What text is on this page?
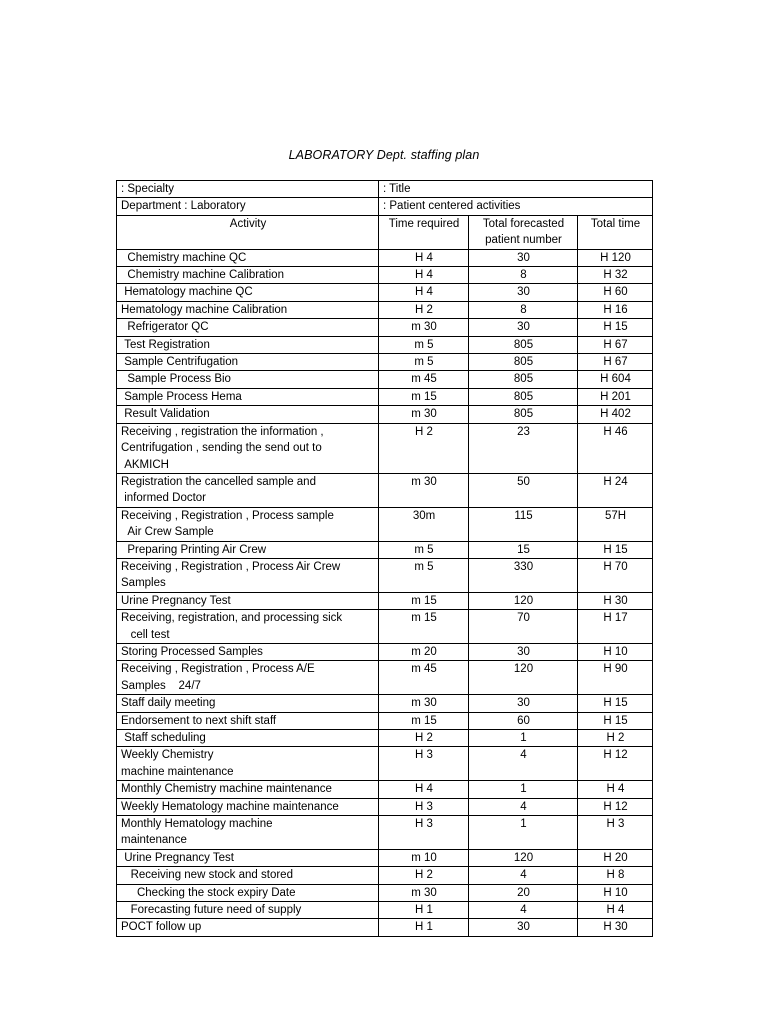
LABORATORY Dept. staffing plan
: Specialty	: Title		
Department : Laboratory	: Patient centered activities		
Activity	Time required	Total forecasted patient number	Total time
Chemistry machine QC	H 4	30	H 120
Chemistry machine Calibration	H 4	8	H 32
Hematology machine QC	H 4	30	H 60
Hematology machine Calibration	H 2	8	H 16
Refrigerator QC	m 30	30	H 15
Test Registration	m 5	805	H 67
Sample Centrifugation	m 5	805	H 67
Sample Process Bio	m 45	805	H 604
Sample Process Hema	m 15	805	H 201
Result Validation	m 30	805	H 402
Receiving , registration the information ,
Centrifugation , sending the send out to
AKMICH	H 2	23	H 46
Registration the cancelled sample and
informed Doctor	m 30	50	H 24
Receiving , Registration , Process sample
Air Crew Sample	30m	115	57H
Preparing Printing Air Crew	m 5	15	H 15
Receiving , Registration , Process Air Crew
Samples	m 5	330	H 70
Urine Pregnancy Test	m 15	120	H 30
Receiving, registration, and processing sick
cell test	m 15	70	H 17
Storing Processed Samples	m 20	30	H 10
Receiving , Registration , Process A/E
Samples    24/7	m 45	120	H 90
Staff daily meeting	m 30	30	H 15
Endorsement to next shift staff	m 15	60	H 15
Staff scheduling	H 2	1	H 2
Weekly Chemistry
machine maintenance	H 3	4	H 12
Monthly Chemistry machine maintenance	H 4	1	H 4
Weekly Hematology machine maintenance	H 3	4	H 12
Monthly Hematology machine
maintenance	H 3	1	H 3
Urine Pregnancy Test	m 10	120	H 20
Receiving new stock and stored	H 2	4	H 8
Checking the stock expiry Date	m 30	20	H 10
Forecasting future need of supply	H 1	4	H 4
POCT follow up	H 1	30	H 30
